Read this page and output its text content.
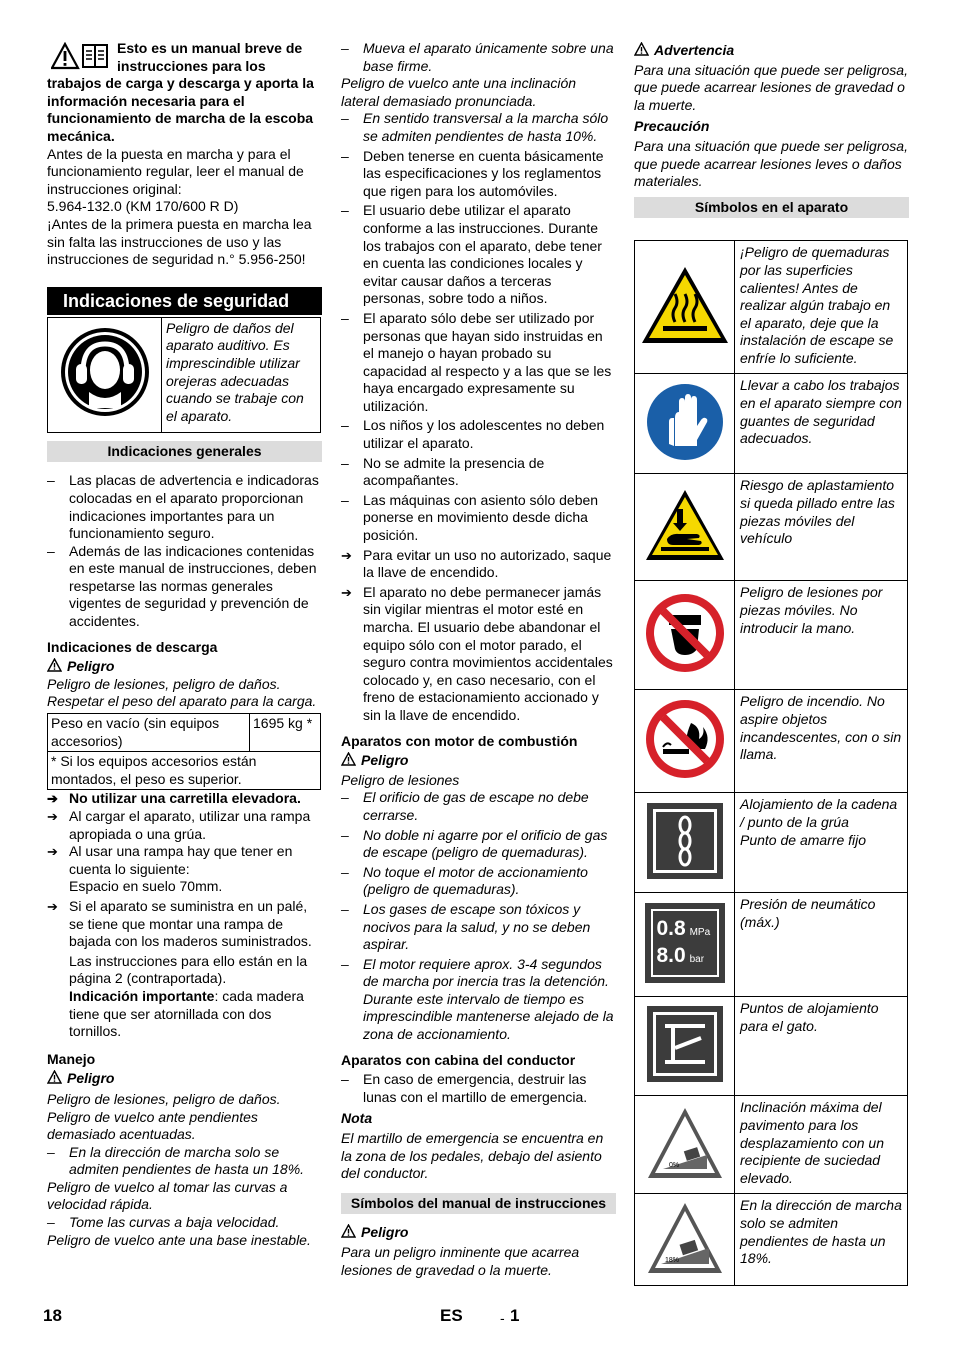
Esto es un manual breve de instrucciones para los trabajos de carga y descarga y aporta la información necesaria para el funcionamiento de marcha de la escoba mecánica.

Antes de la puesta en marcha y para el funcionamiento regular, leer el manual de instrucciones original:

5.964-132.0 (KM 170/600 R D)

¡Antes de la primera puesta en marcha lea sin falta las instrucciones de uso y las instrucciones de seguridad n.° 5.956-250!

Indicaciones de seguridad
	Peligro de daños del aparato auditivo. Es imprescindible utilizar orejeras adecuadas cuando se trabaje con el aparato.
Indicaciones generales

– Las placas de advertencia e indicadoras colocadas en el aparato proporcionan indicaciones importantes para un funcionamiento seguro.

– Además de las indicaciones contenidas en este manual de instrucciones, deben respetarse las normas generales vigentes de seguridad y prevención de accidentes.

Indicaciones de descarga

Peligro

Peligro de lesiones, peligro de daños. Respetar el peso del aparato para la carga.

Peso en vacío (sin equipos accesorios)	1695 kg *
* Si los equipos accesorios están montados, el peso es superior.

➔ No utilizar una carretilla elevadora.

➔ Al cargar el aparato, utilizar una rampa apropiada o una grúa.

➔ Al usar una rampa hay que tener en cuenta lo siguiente:

Espacio en suelo 70mm.

➔ Si el aparato se suministra en un palé, se tiene que montar una rampa de bajada con los maderos suministrados.

Las instrucciones para ello están en la página 2 (contraportada).

Indicación importante: cada madera tiene que ser atornillada con dos tornillos.

Manejo

Peligro

Peligro de lesiones, peligro de daños.

Peligro de vuelco ante pendientes demasiado acentuadas.

– En la dirección de marcha solo se admiten pendientes de hasta un 18%.

Peligro de vuelco al tomar las curvas a velocidad rápida.

– Tome las curvas a baja velocidad.

Peligro de vuelco ante una base inestable.

– Mueva el aparato únicamente sobre una base firme.

Peligro de vuelco ante una inclinación lateral demasiado pronunciada.

– En sentido transversal a la marcha sólo se admiten pendientes de hasta 10%.

– Deben tenerse en cuenta básicamente las especificaciones y los reglamentos que rigen para los automóviles.

– El usuario debe utilizar el aparato conforme a las instrucciones. Durante los trabajos con el aparato, debe tener en cuenta las condiciones locales y evitar causar daños a terceras personas, sobre todo a niños.

– El aparato sólo debe ser utilizado por personas que hayan sido instruidas en el manejo o hayan probado su capacidad al respecto y a las que se les haya encargado expresamente su utilización.

– Los niños y los adolescentes no deben utilizar el aparato.

– No se admite la presencia de acompañantes.

– Las máquinas con asiento sólo deben ponerse en movimiento desde dicha posición.

➔ Para evitar un uso no autorizado, saque la llave de encendido.

➔ El aparato no debe permanecer jamás sin vigilar mientras el motor esté en marcha. El usuario debe abandonar el equipo sólo con el motor parado, el seguro contra movimientos accidentales colocado y, en caso necesario, con el freno de estacionamiento accionado y sin la llave de encendido.

Aparatos con motor de combustión

Peligro

Peligro de lesiones

– El orificio de gas de escape no debe cerrarse.

– No doble ni agarre por el orificio de gas de escape (peligro de quemaduras).

– No toque el motor de accionamiento (peligro de quemaduras).

– Los gases de escape son tóxicos y nocivos para la salud, y no se deben aspirar.

– El motor requiere aprox. 3-4 segundos de marcha por inercia tras la detención. Durante este intervalo de tiempo es imprescindible mantenerse alejado de la zona de accionamiento.

Aparatos con cabina del conductor

– En caso de emergencia, destruir las lunas con el martillo de emergencia.

Nota

El martillo de emergencia se encuentra en la zona de los pedales, debajo del asiento del conductor.

Símbolos del manual de instrucciones

Peligro

Para un peligro inminente que acarrea lesiones de gravedad o la muerte.

Advertencia

Para una situación que puede ser peligrosa, que puede acarrear lesiones de gravedad o la muerte.

Precaución

Para una situación que puede ser peligrosa, que puede acarrear lesiones leves o daños materiales.

Símbolos en el aparato
	¡Peligro de quemaduras por las superficies calientes! Antes de realizar algún trabajo en el aparato, deje que la instalación de escape se enfríe lo suficiente.
	Llevar a cabo los trabajos en el aparato siempre con guantes de seguridad adecuados.
	Riesgo de aplastamiento si queda pillado entre las piezas móviles del vehículo
	Peligro de lesiones por piezas móviles. No introducir la mano.
	Peligro de incendio. No aspire objetos incandescentes, con o sin llama.
	Alojamiento de la cadena / punto de la grúa
Punto de amarre fijo

0.8 MPa
8.0 bar	Presión de neumático (máx.)
	Puntos de alojamiento para el gato.

0%	Inclinación máxima del pavimento para los desplazamiento con un recipiente de suciedad elevado.

18%	En la dirección de marcha solo se admiten pendientes de hasta un 18%.
18	ES	- 1
